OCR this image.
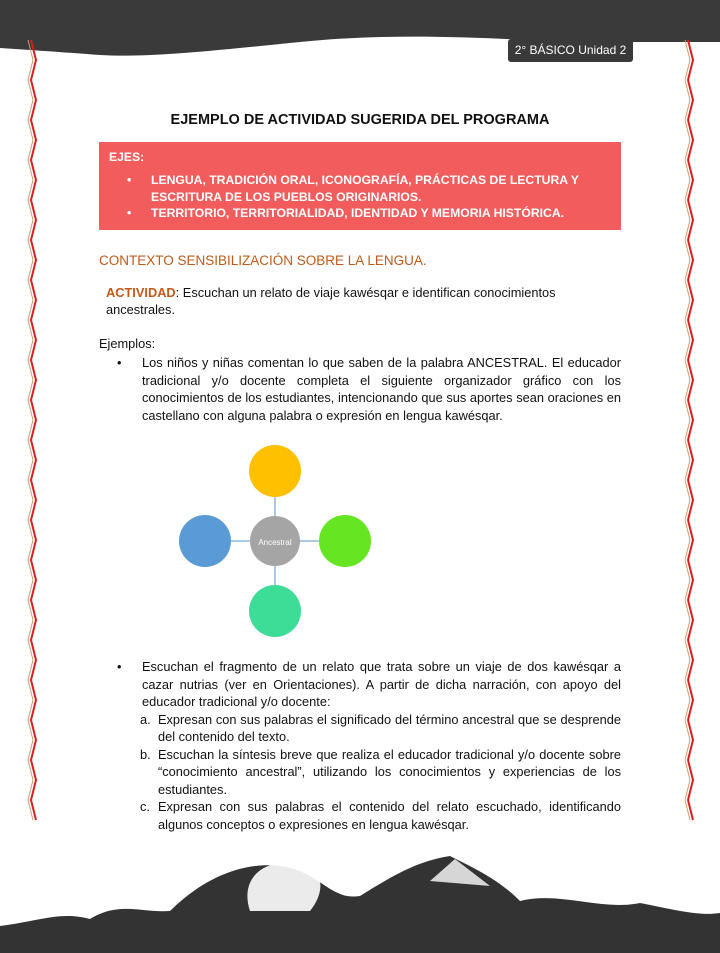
2° BÁSICO Unidad 2
EJEMPLO DE ACTIVIDAD SUGERIDA DEL PROGRAMA
EJES:
• LENGUA, TRADICIÓN ORAL, ICONOGRAFÍA, PRÁCTICAS DE LECTURA Y ESCRITURA DE LOS PUEBLOS ORIGINARIOS.
• TERRITORIO, TERRITORIALIDAD, IDENTIDAD Y MEMORIA HISTÓRICA.
CONTEXTO SENSIBILIZACIÓN SOBRE LA LENGUA.
ACTIVIDAD: Escuchan un relato de viaje kawésqar e identifican conocimientos ancestrales.
Ejemplos:
• Los niños y niñas comentan lo que saben de la palabra ANCESTRAL. El educador tradicional y/o docente completa el siguiente organizador gráfico con los conocimientos de los estudiantes, intencionando que sus aportes sean oraciones en castellano con alguna palabra o expresión en lengua kawésqar.
Ancestral
• Escuchan el fragmento de un relato que trata sobre un viaje de dos kawésqar a cazar nutrias (ver en Orientaciones). A partir de dicha narración, con apoyo del educador tradicional y/o docente:
a. Expresan con sus palabras el significado del término ancestral que se desprende del contenido del texto.
b. Escuchan la síntesis breve que realiza el educador tradicional y/o docente sobre “conocimiento ancestral”, utilizando los conocimientos y experiencias de los estudiantes.
c. Expresan con sus palabras el contenido del relato escuchado, identificando algunos conceptos o expresiones en lengua kawésqar.
